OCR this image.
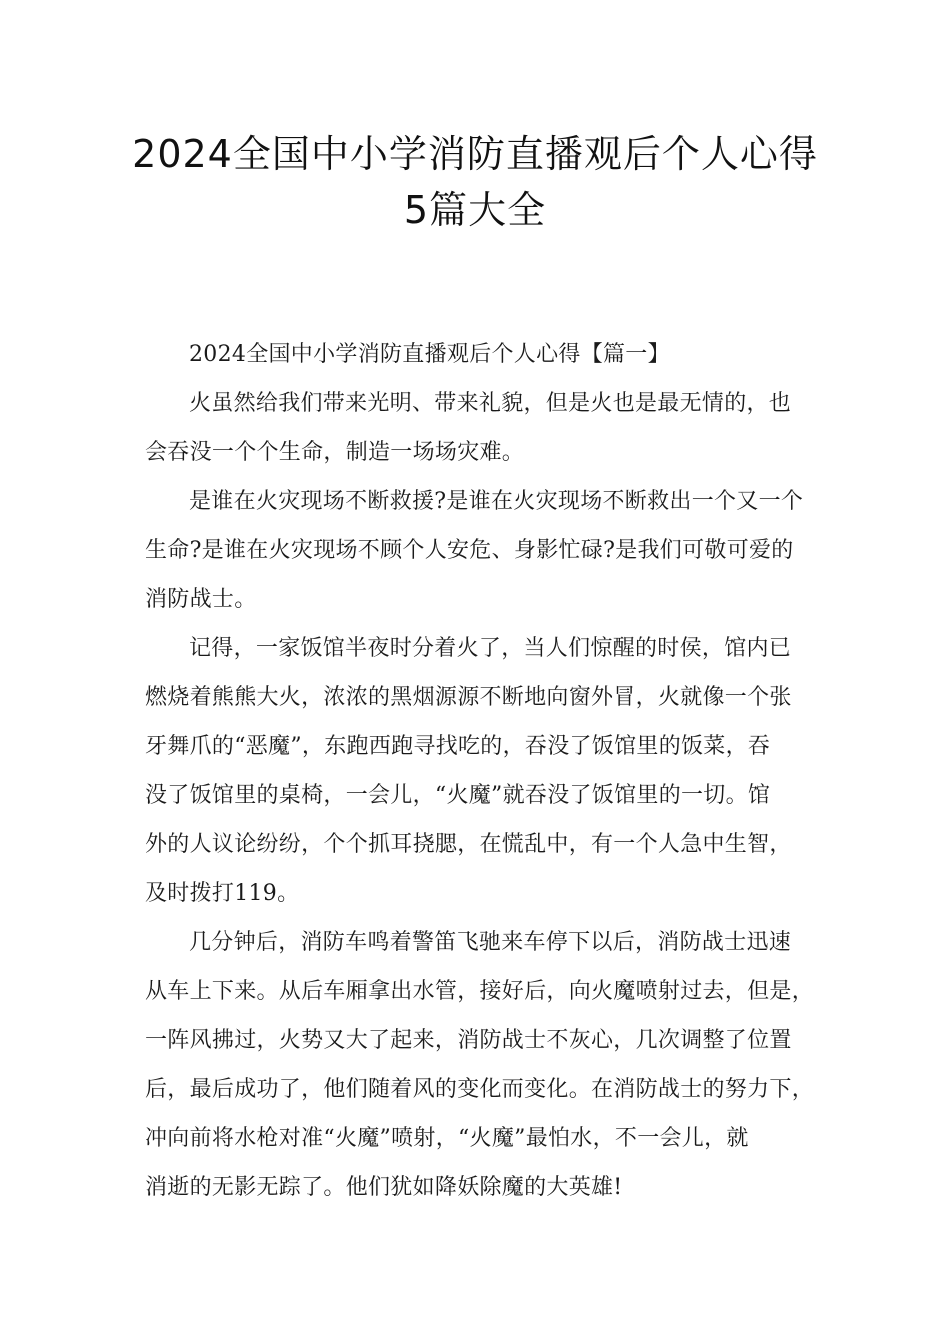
2024全国中小学消防直播观后个人心得
5篇大全
2024全国中小学消防直播观后个人心得【篇一】
火虽然给我们带来光明、带来礼貌，但是火也是最无情的，也
会吞没一个个生命，制造一场场灾难。
是谁在火灾现场不断救援?是谁在火灾现场不断救出一个又一个
生命?是谁在火灾现场不顾个人安危、身影忙碌?是我们可敬可爱的
消防战士。
记得，一家饭馆半夜时分着火了，当人们惊醒的时侯，馆内已
燃烧着熊熊大火，浓浓的黑烟源源不断地向窗外冒，火就像一个张
牙舞爪的“恶魔”，东跑西跑寻找吃的，吞没了饭馆里的饭菜，吞
没了饭馆里的桌椅，一会儿，“火魔”就吞没了饭馆里的一切。馆
外的人议论纷纷，个个抓耳挠腮，在慌乱中，有一个人急中生智，
及时拨打119。
几分钟后，消防车鸣着警笛飞驰来车停下以后，消防战士迅速
从车上下来。从后车厢拿出水管，接好后，向火魔喷射过去，但是，
一阵风拂过，火势又大了起来，消防战士不灰心，几次调整了位置
后，最后成功了，他们随着风的变化而变化。在消防战士的努力下，
冲向前将水枪对准“火魔”喷射，“火魔”最怕水，不一会儿，就
消逝的无影无踪了。他们犹如降妖除魔的大英雄!
